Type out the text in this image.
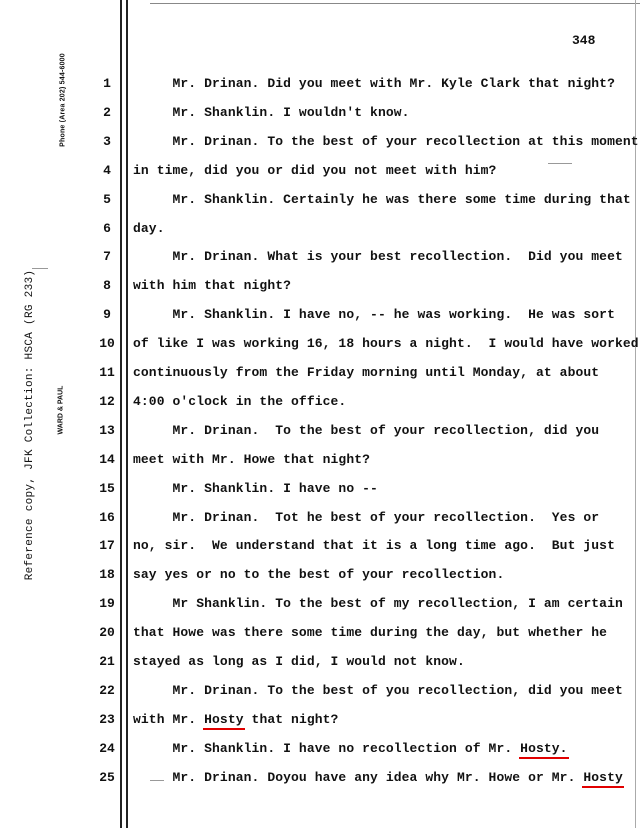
348
Phone (Area 202) 544-6000
Reference copy, JFK Collection: HSCA (RG 233)	WARD & PAUL
1	Mr. Drinan. Did you meet with Mr. Kyle Clark that night?
2	Mr. Shanklin. I wouldn't know.
3	Mr. Drinan. To the best of your recollection at this moment
4	in time, did you or did you not meet with him?
5	Mr. Shanklin. Certainly he was there some time during that
6	day.
7	Mr. Drinan. What is your best recollection.  Did you meet
8	with him that night?
9	Mr. Shanklin. I have no, -- he was working.  He was sort
10 of like I was working 16, 18 hours a night.  I would have worked
11 continuously from the Friday morning until Monday, at about
12 4:00 o'clock in the office.
13 Mr. Drinan.  To the best of your recollection, did you
14 meet with Mr. Howe that night?
15 Mr. Shanklin. I have no --
16 Mr. Drinan.  Tot he best of your recollection.  Yes or
17 no, sir.  We understand that it is a long time ago.  But just
18 say yes or no to the best of your recollection.
19 Mr Shanklin. To the best of my recollection, I am certain
20 that Howe was there some time during the day, but whether he
21 stayed as long as I did, I would not know.
22 Mr. Drinan. To the best of you recollection, did you meet
23 with Mr. Hosty that night?
24 Mr. Shanklin. I have no recollection of Mr. Hosty.
25 Mr. Drinan. Doyou have any idea why Mr. Howe or Mr. Hosty
